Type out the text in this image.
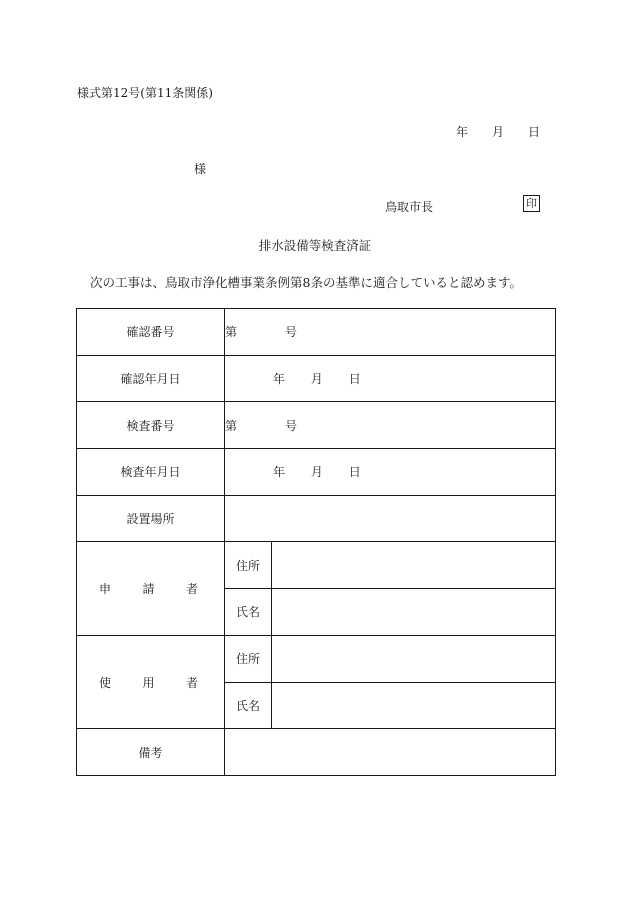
様式第12号(第11条関係)
年 月 日
様
鳥取市長	印
排水設備等検査済証
次の工事は、鳥取市浄化槽事業条例第8条の基準に適合していると認めます。
確認番号	第 号	
確認年月日	年 月 日	
検査番号	第 号	
検査年月日	年 月 日	
設置場所		

申 請 者	住所	
	氏名	

使 用 者	住所	
	氏名	
備考		
